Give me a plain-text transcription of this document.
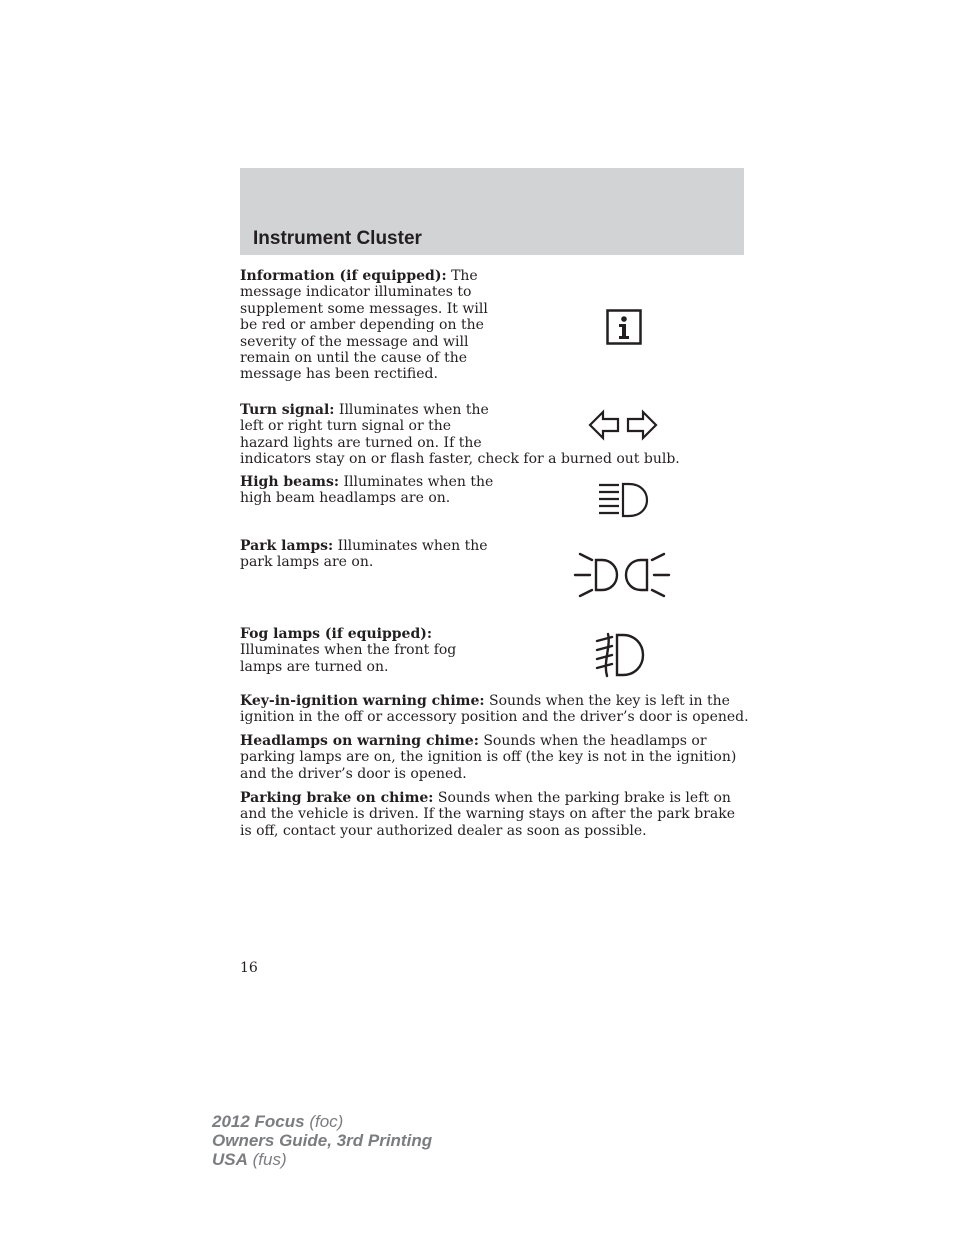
Instrument Cluster

Information (if equipped): The message indicator illuminates to supplement some messages. It will be red or amber depending on the severity of the message and will remain on until the cause of the message has been rectified.

Turn signal: Illuminates when the
left or right turn signal or the
hazard lights are turned on. If the
indicators stay on or flash faster, check for a burned out bulb.

High beams: Illuminates when the high beam headlamps are on.

Park lamps: Illuminates when the park lamps are on.

Fog lamps (if equipped):
Illuminates when the front fog lamps are turned on.

Key-in-ignition warning chime: Sounds when the key is left in the ignition in the off or accessory position and the driver’s door is opened.

Headlamps on warning chime: Sounds when the headlamps or parking lamps are on, the ignition is off (the key is not in the ignition) and the driver’s door is opened.

Parking brake on chime: Sounds when the parking brake is left on and the vehicle is driven. If the warning stays on after the park brake is off, contact your authorized dealer as soon as possible.

16
2012 Focus (foc)
Owners Guide, 3rd Printing
USA (fus)
